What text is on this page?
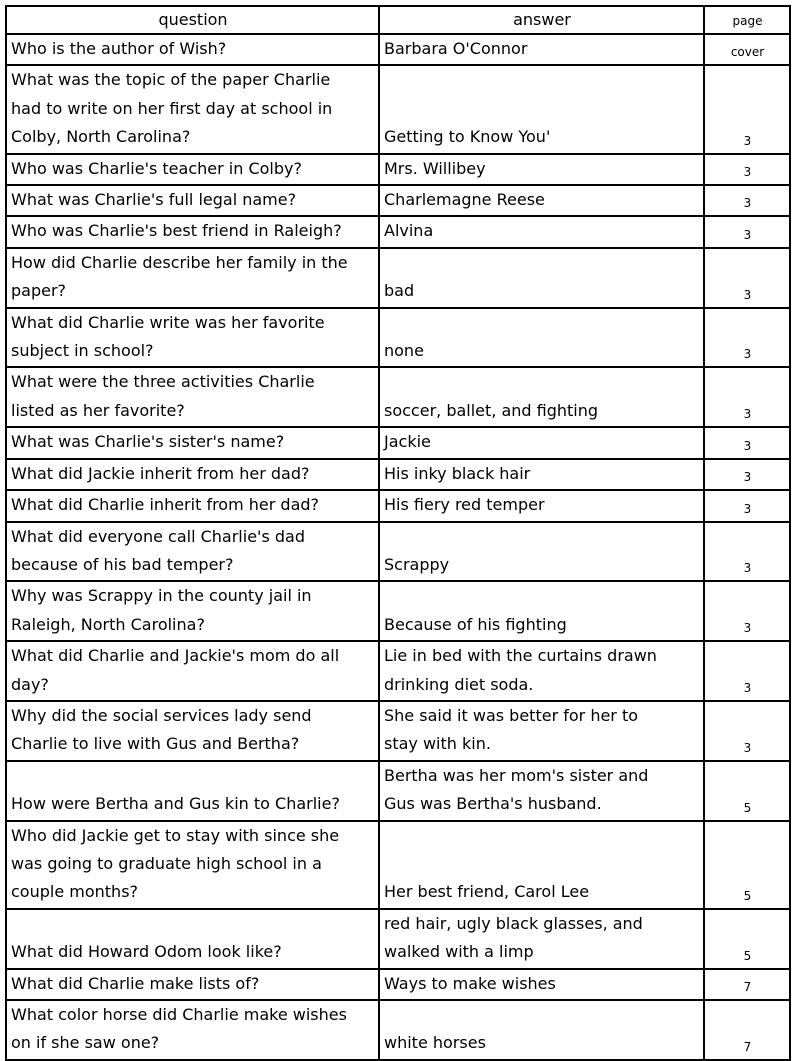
question	answer	page
Who is the author of Wish?	Barbara O'Connor	cover
What was the topic of the paper Charlie
had to write on her first day at school in
Colby, North Carolina?	Getting to Know You'	3
Who was Charlie's teacher in Colby?	Mrs. Willibey	3
What was Charlie's full legal name?	Charlemagne Reese	3
Who was Charlie's best friend in Raleigh?	Alvina	3
How did Charlie describe her family in the
paper?	bad	3
What did Charlie write was her favorite
subject in school?	none	3
What were the three activities Charlie
listed as her favorite?	soccer, ballet, and fighting	3
What was Charlie's sister's name?	Jackie	3
What did Jackie inherit from her dad?	His inky black hair	3
What did Charlie inherit from her dad?	His fiery red temper	3
What did everyone call Charlie's dad
because of his bad temper?	Scrappy	3
Why was Scrappy in the county jail in
Raleigh, North Carolina?	Because of his fighting	3
What did Charlie and Jackie's mom do all
day?	Lie in bed with the curtains drawn
drinking diet soda.	3
Why did the social services lady send
Charlie to live with Gus and Bertha?	She said it was better for her to
stay with kin.	3
How were Bertha and Gus kin to Charlie?	Bertha was her mom's sister and
Gus was Bertha's husband.	5
Who did Jackie get to stay with since she
was going to graduate high school in a
couple months?	Her best friend, Carol Lee	5
What did Howard Odom look like?	red hair, ugly black glasses, and
walked with a limp	5
What did Charlie make lists of?	Ways to make wishes	7
What color horse did Charlie make wishes
on if she saw one?	white horses	7
